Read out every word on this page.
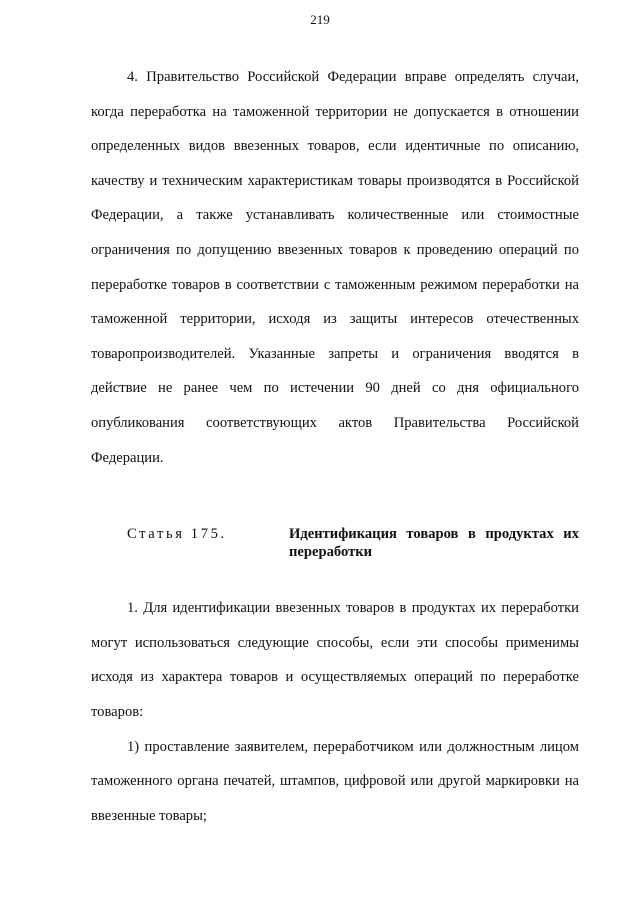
219

4. Правительство Российской Федерации вправе определять случаи, когда переработка на таможенной территории не допускается в отношении определенных видов ввезенных товаров, если идентичные по описанию, качеству и техническим характеристикам товары производятся в Российской Федерации, а также устанавливать количественные или стоимостные ограничения по допущению ввезенных товаров к проведению операций по переработке товаров в соответствии с таможенным режимом переработки на таможенной территории, исходя из защиты интересов отечественных товаропроизводителей. Указанные запреты и ограничения вводятся в действие не ранее чем по истечении 90 дней со дня официального опубликования соответствующих актов Правительства Российской Федерации.

Статья 175.	Идентификация товаров в продуктах их переработки

1. Для идентификации ввезенных товаров в продуктах их переработки могут использоваться следующие способы, если эти способы применимы исходя из характера товаров и осуществляемых операций по переработке товаров:

1) проставление заявителем, переработчиком или должностным лицом таможенного органа печатей, штампов, цифровой или другой маркировки на ввезенные товары;
